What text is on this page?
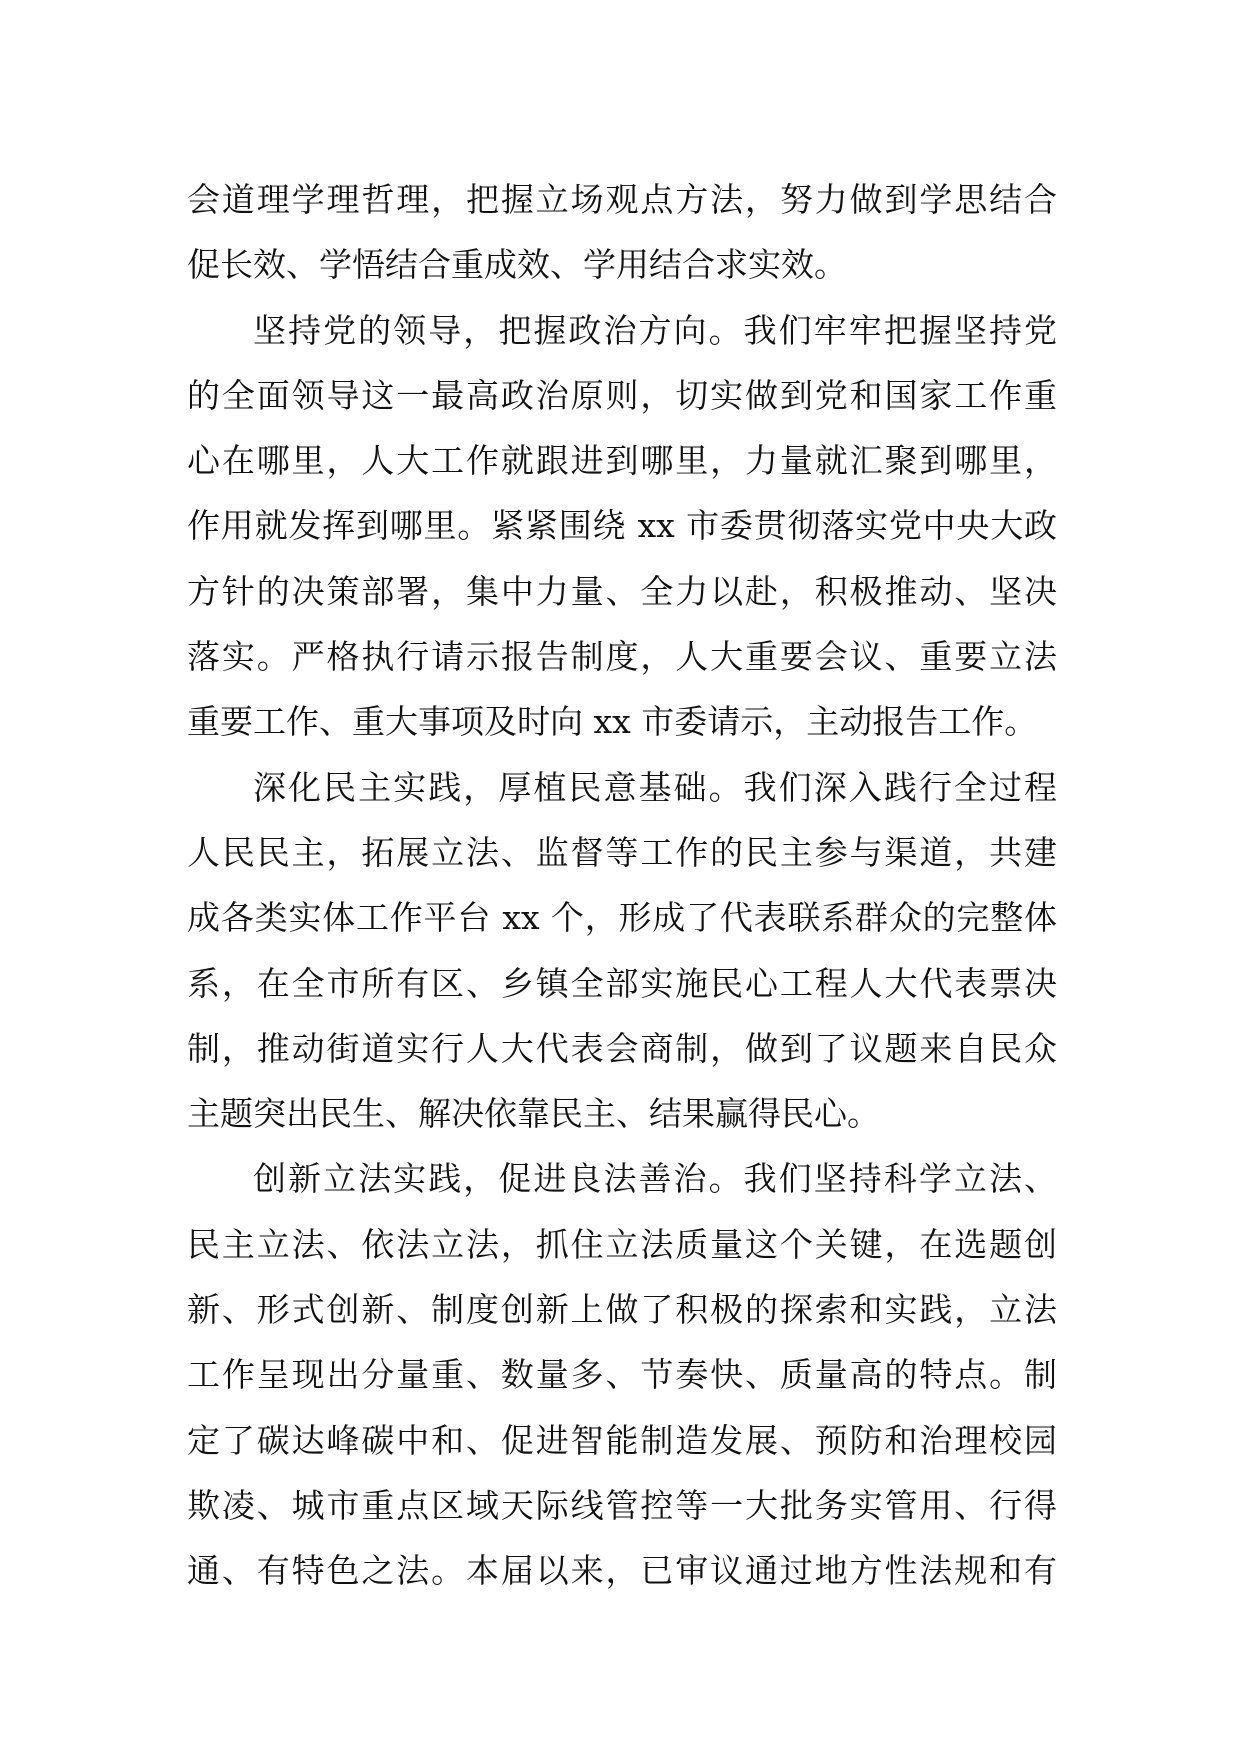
会道理学理哲理，把握立场观点方法，努力做到学思结合
促长效、学悟结合重成效、学用结合求实效。
坚持党的领导，把握政治方向。我们牢牢把握坚持党
的全面领导这一最高政治原则，切实做到党和国家工作重
心在哪里，人大工作就跟进到哪里，力量就汇聚到哪里，
作用就发挥到哪里。紧紧围绕 xx 市委贯彻落实党中央大政
方针的决策部署，集中力量、全力以赴，积极推动、坚决
落实。严格执行请示报告制度，人大重要会议、重要立法
重要工作、重大事项及时向 xx 市委请示，主动报告工作。
深化民主实践，厚植民意基础。我们深入践行全过程
人民民主，拓展立法、监督等工作的民主参与渠道，共建
成各类实体工作平台 xx 个，形成了代表联系群众的完整体
系，在全市所有区、乡镇全部实施民心工程人大代表票决
制，推动街道实行人大代表会商制，做到了议题来自民众
主题突出民生、解决依靠民主、结果赢得民心。
创新立法实践，促进良法善治。我们坚持科学立法、
民主立法、依法立法，抓住立法质量这个关键，在选题创
新、形式创新、制度创新上做了积极的探索和实践，立法
工作呈现出分量重、数量多、节奏快、质量高的特点。制
定了碳达峰碳中和、促进智能制造发展、预防和治理校园
欺凌、城市重点区域天际线管控等一大批务实管用、行得
通、有特色之法。本届以来，已审议通过地方性法规和有
